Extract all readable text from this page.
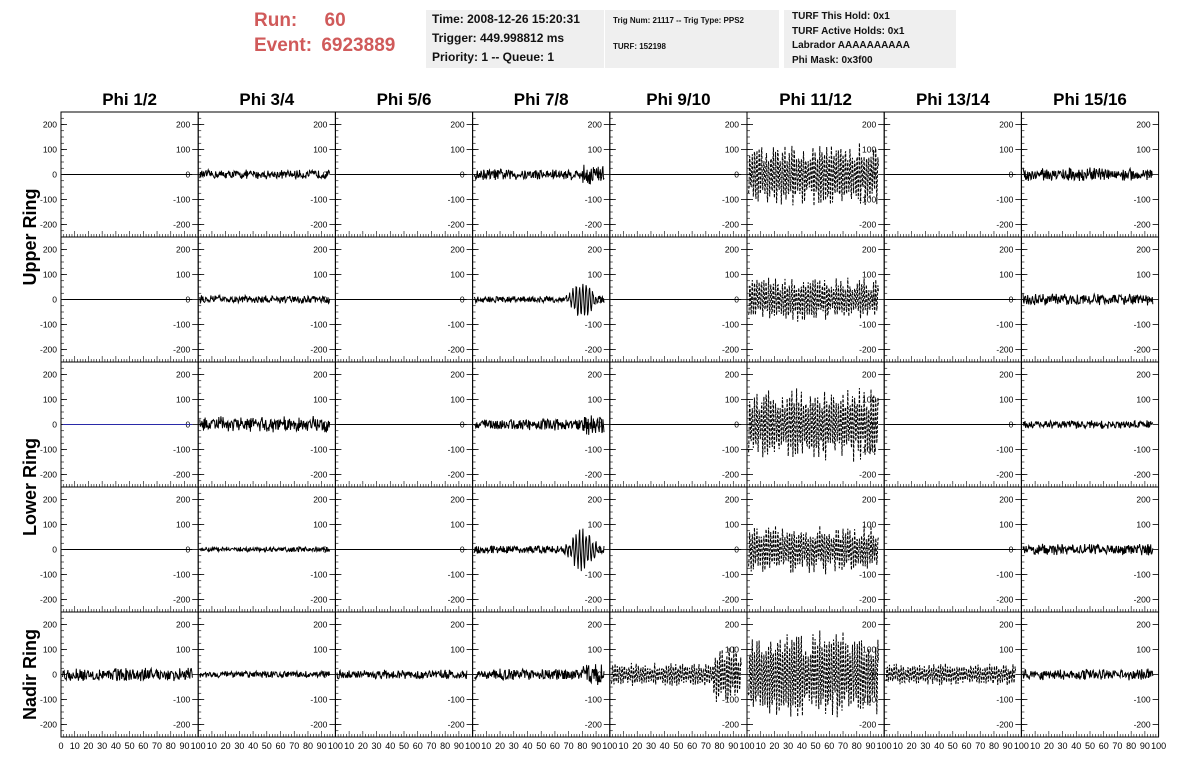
Run: 60
Event: 6923889
Time: 2008-12-26 15:20:31
Trigger: 449.998812 ms
Priority: 1 -- Queue: 1
Trig Num: 21117 -- Trig Type: PPS2
TURF: 152198
TURF This Hold: 0x1
TURF Active Holds: 0x1
Labrador AAAAAAAAAA
Phi Mask: 0x3f00
Phi 1/2	Phi 3/4	Phi 5/6	Phi 7/8	Phi 9/10	Phi 11/12	Phi 13/14	Phi 15/16
Upper Ring
Lower Ring
Nadir Ring
-200
-100
0
100
200
-200
-100
0
100
200
-200
-100
0
100
200
-200
-100
0
100
200
-200
-100
0
100
200
-200
-100
0
100
200
-200
-100
0
100
200
-200
-100
0
100
200
-200
-100
0
100
200
-200
-100
0
100
200
-200
-100
0
100
200
-200
-100
0
100
200
-200
-100
0
100
200
-200
-100
0
100
200
-200
-100
0
100
200
-200
-100
0
100
200
-200
-100
0
100
200
-200
-100
0
100
200
-200
-100
0
100
200
-200
-100
0
100
200
-200
-100
0
100
200
-200
-100
0
100
200
-200
-100
0
100
200
-200
-100
0
100
200
-200
-100
0
100
200
-200
-100
0
100
200
-200
-100
0
100
200
-200
-100
0
100
200
-200
-100
0
100
200
-200
-100
0
100
200
-200
-100
0
100
200
-200
-100
0
100
200
-200
-100
0
100
200
-200
-100
0
100
200
-200
-100
0
100
200
-200
-100
0
100
200
-200
-100
0
100
200
-200
-100
0
100
200
-200
-100
0
100
200
-200
-100
0
100
200
-200
-100
0
100
200
-200
-100
0
100
200
-200
-100
0
100
200
-200
-100
0
100
200
-200
-100
0
100
200
0 10 20 30 40 50 60 70 80 90 100 10 20 30 40 50 60 70 80 90 100 10 20 30 40 50 60 70 80 90 100 10 20 30 40 50 60 70 80 90 100 10 20 30 40 50 60 70 80 90 100 10 20 30 40 50 60 70 80 90 100 10 20 30 40 50 60 70 80 90 100 10 20 30 40 50 60 70 80 90 100
